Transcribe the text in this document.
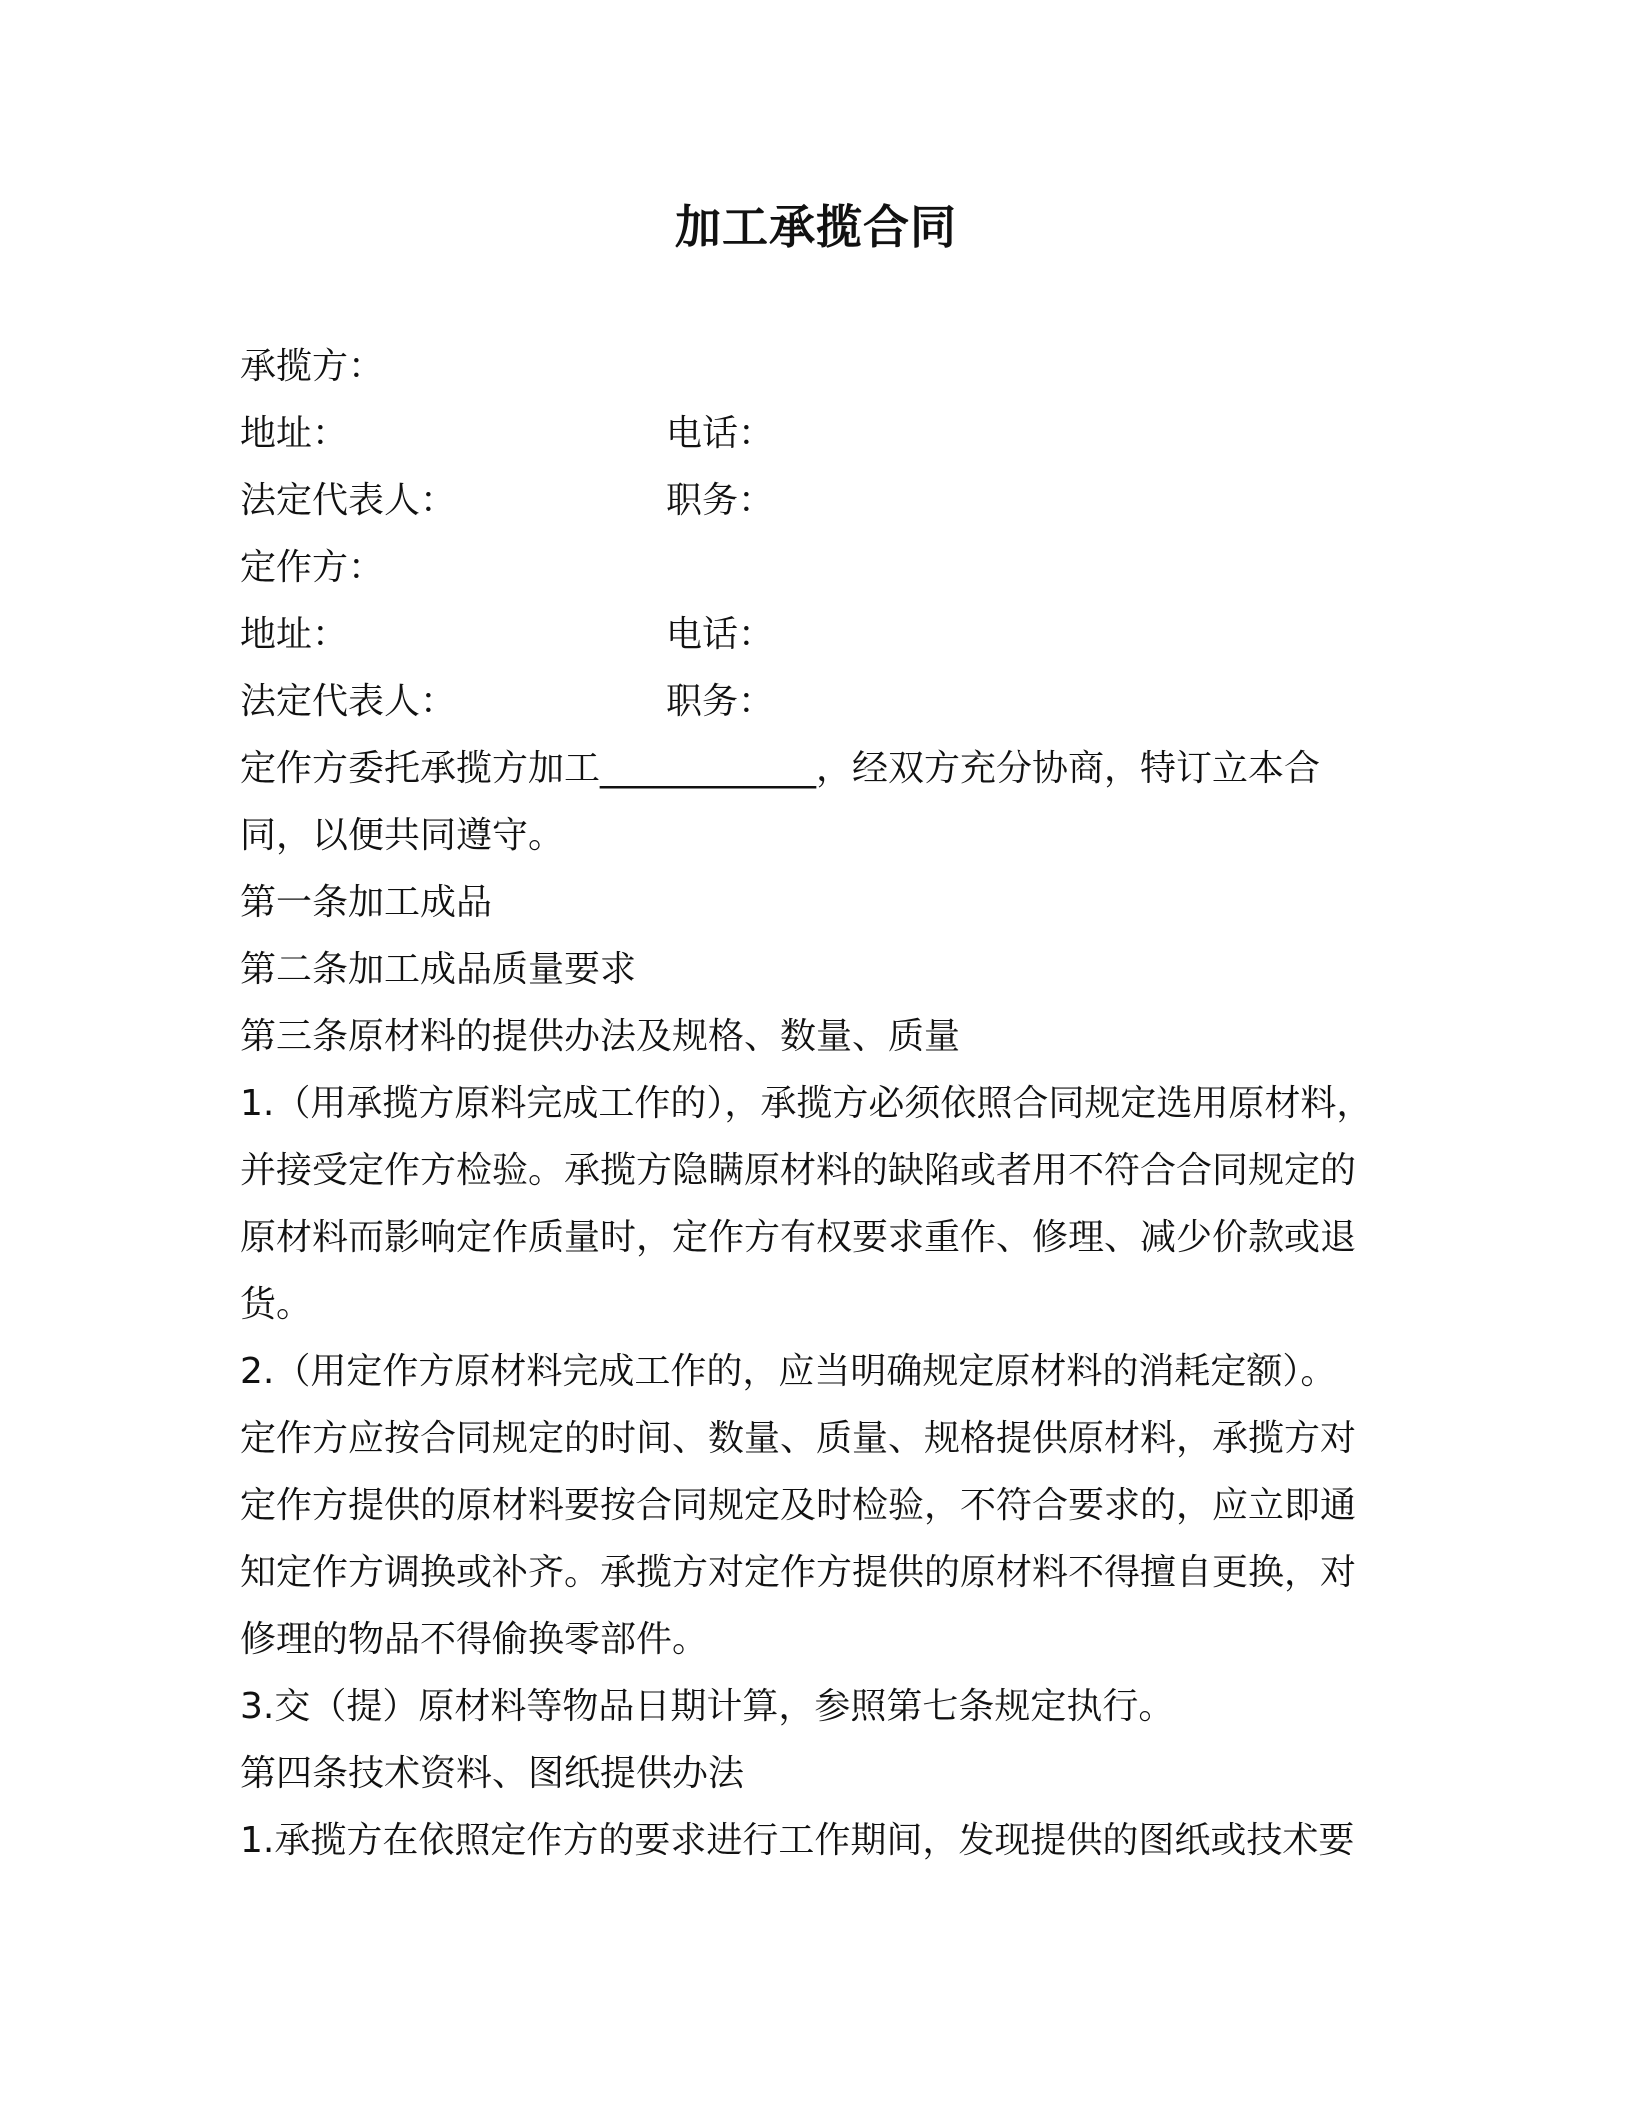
加工承揽合同
承揽方：
地址：	电话：
法定代表人：	职务：
定作方：
地址：	电话：
法定代表人：	职务：
定作方委托承揽方加工____________，经双方充分协商，特订立本合
同，以便共同遵守。
第一条加工成品
第二条加工成品质量要求
第三条原材料的提供办法及规格、数量、质量
1.（用承揽方原料完成工作的），承揽方必须依照合同规定选用原材料，
并接受定作方检验。承揽方隐瞒原材料的缺陷或者用不符合合同规定的
原材料而影响定作质量时，定作方有权要求重作、修理、减少价款或退
货。
2.（用定作方原材料完成工作的，应当明确规定原材料的消耗定额）。
定作方应按合同规定的时间、数量、质量、规格提供原材料，承揽方对
定作方提供的原材料要按合同规定及时检验，不符合要求的，应立即通
知定作方调换或补齐。承揽方对定作方提供的原材料不得擅自更换，对
修理的物品不得偷换零部件。
3.交（提）原材料等物品日期计算，参照第七条规定执行。
第四条技术资料、图纸提供办法
1.承揽方在依照定作方的要求进行工作期间，发现提供的图纸或技术要
